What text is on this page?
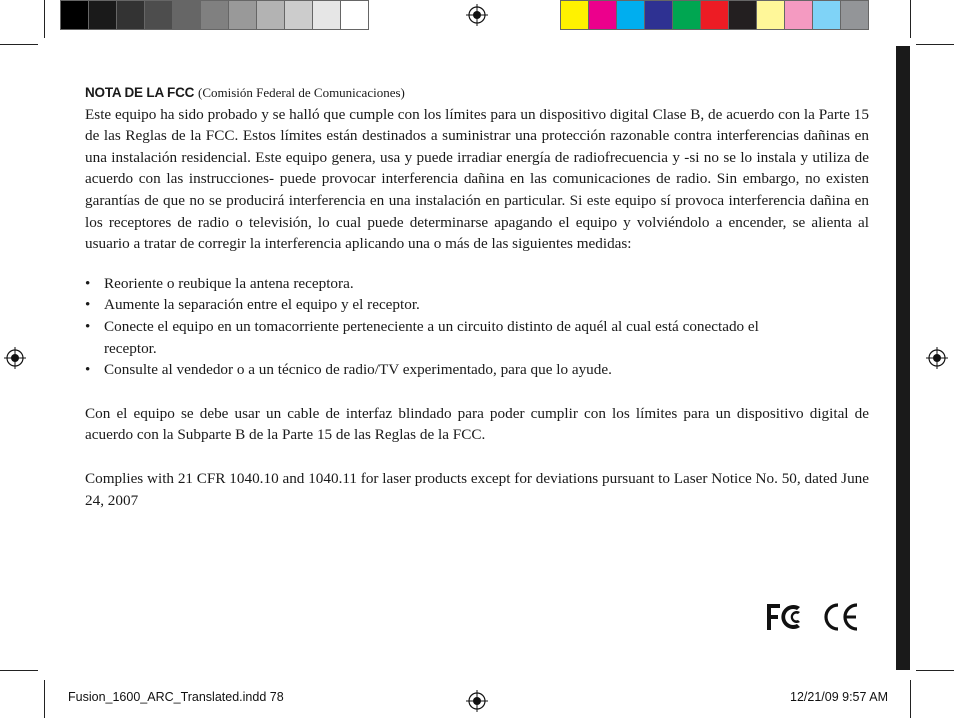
NOTA DE LA FCC (Comisión Federal de Comunicaciones)

Este equipo ha sido probado y se halló que cumple con los límites para un dispositivo digital Clase B, de acuerdo con la Parte 15 de las Reglas de la FCC. Estos límites están destinados a suministrar una protección razonable contra interferencias dañinas en una instalación residencial. Este equipo genera, usa y puede irradiar energía de radiofrecuencia y -si no se lo instala y utiliza de acuerdo con las instrucciones- puede provocar interferencia dañina en las comunicaciones de radio. Sin embargo, no existen garantías de que no se producirá interferencia en una instalación en particular. Si este equipo sí provoca interferencia dañina en los receptores de radio o televisión, lo cual puede determinarse apagando el equipo y volviéndolo a encender, se alienta al usuario a tratar de corregir la interferencia aplicando una o más de las siguientes medidas:

• Reoriente o reubique la antena receptora.
• Aumente la separación entre el equipo y el receptor.
• Conecte el equipo en un tomacorriente perteneciente a un circuito distinto de aquél al cual está conectado el receptor.
• Consulte al vendedor o a un técnico de radio/TV experimentado, para que lo ayude.

Con el equipo se debe usar un cable de interfaz blindado para poder cumplir con los límites para un dispositivo digital de acuerdo con la Subparte B de la Parte 15 de las Reglas de la FCC.

Complies with 21 CFR 1040.10 and 1040.11 for laser products except for deviations pursuant to Laser Notice No. 50, dated June 24, 2007

Fusion_1600_ARC_Translated.indd 78	12/21/09 9:57 AM
